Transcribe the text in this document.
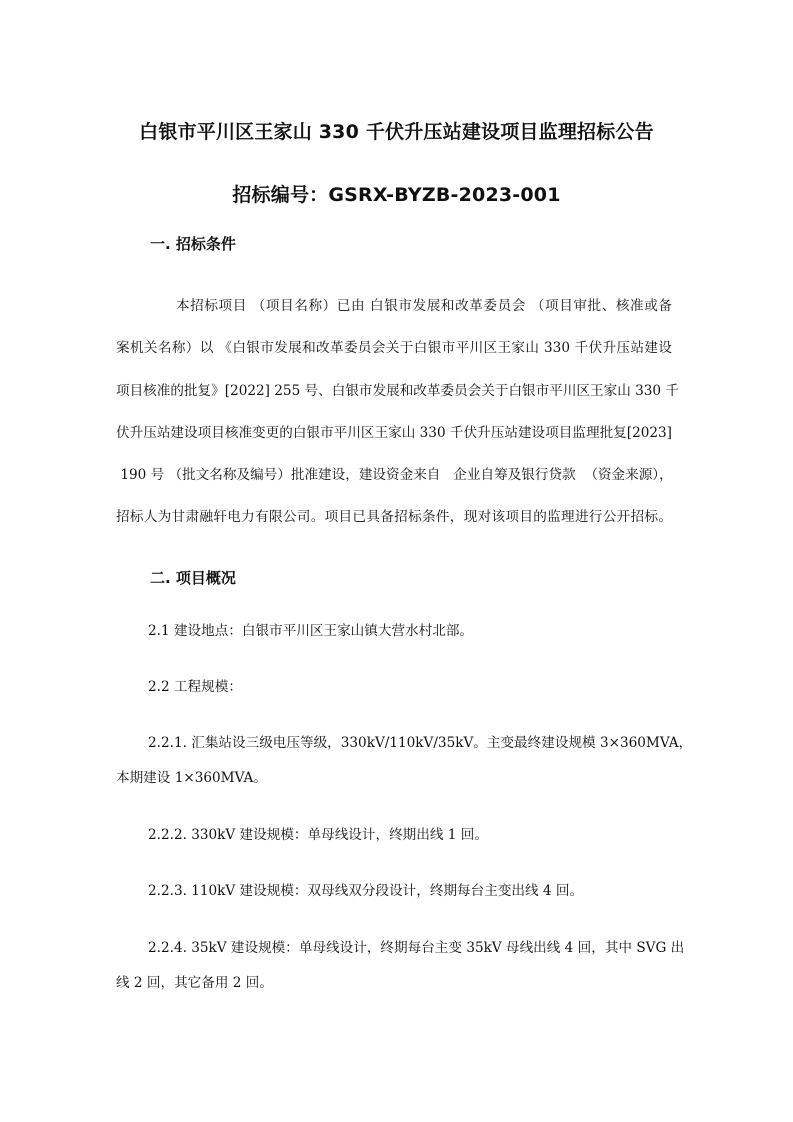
白银市平川区王家山 330 千伏升压站建设项目监理招标公告
招标编号：GSRX-BYZB-2023-001
一. 招标条件
本招标项目 （项目名称）已由 白银市发展和改革委员会 （项目审批、核准或备
案机关名称）以 《白银市发展和改革委员会关于白银市平川区王家山 330 千伏升压站建设
项目核准的批复》[2022] 255 号、白银市发展和改革委员会关于白银市平川区王家山 330 千
伏升压站建设项目核准变更的白银市平川区王家山 330 千伏升压站建设项目监理批复[2023]
190 号 （批文名称及编号）批准建设，建设资金来自   企业自筹及银行贷款  （资金来源），
招标人为甘肃融轩电力有限公司。项目已具备招标条件，现对该项目的监理进行公开招标。
二. 项目概况
2.1 建设地点：白银市平川区王家山镇大营水村北部。
2.2 工程规模：
2.2.1. 汇集站设三级电压等级，330kV/110kV/35kV。主变最终建设规模 3×360MVA，
本期建设 1×360MVA。
2.2.2. 330kV 建设规模：单母线设计，终期出线 1 回。
2.2.3. 110kV 建设规模：双母线双分段设计，终期每台主变出线 4 回。
2.2.4. 35kV 建设规模：单母线设计，终期每台主变 35kV 母线出线 4 回，其中 SVG 出
线 2 回，其它备用 2 回。
